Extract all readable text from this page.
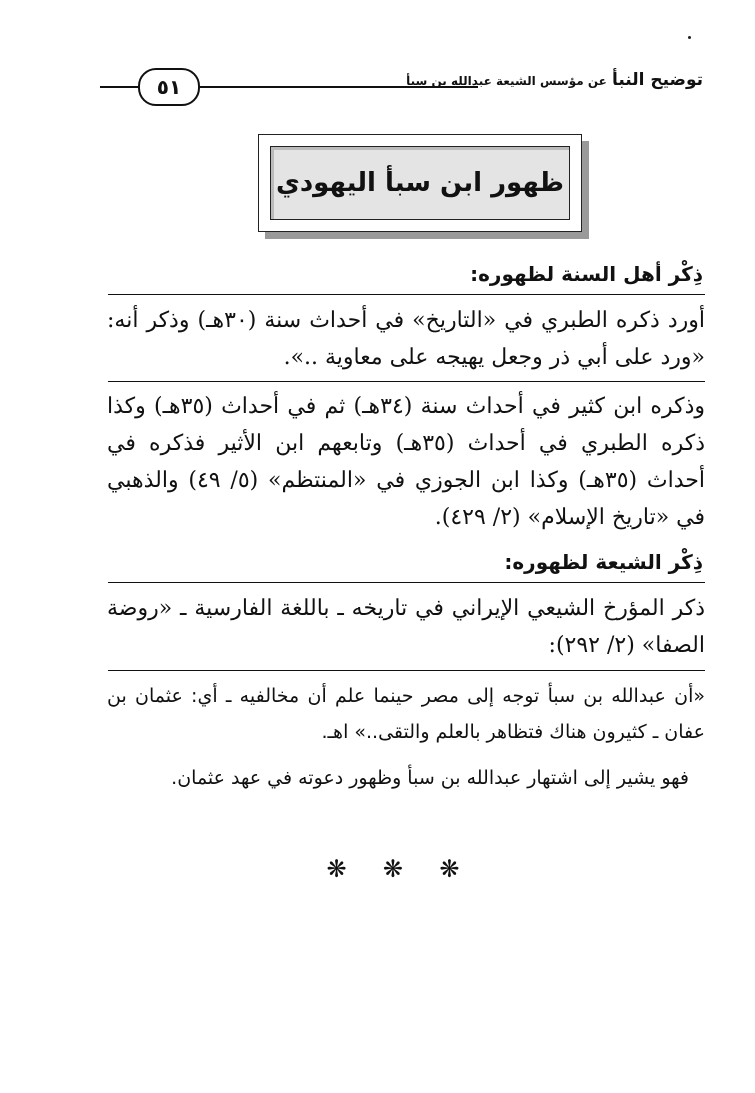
٥١	توضيح النبأ عن مؤسس الشيعة عبدالله بن سبأ
ظهور ابن سبأ اليهودي
ذِكْر أهل السنة لظهوره:
أورد ذكره الطبري في «التاريخ» في أحداث سنة (٣٠هـ) وذكر أنه: «ورد على أبي ذر وجعل يهيجه على معاوية ..».
وذكره ابن كثير في أحداث سنة (٣٤هـ) ثم في أحداث (٣٥هـ) وكذا ذكره الطبري في أحداث (٣٥هـ) وتابعهم ابن الأثير فذكره في أحداث (٣٥هـ) وكذا ابن الجوزي في «المنتظم» (٥/ ٤٩) والذهبي في «تاريخ الإسلام» (٢/ ٤٢٩).
ذِكْر الشيعة لظهوره:
ذكر المؤرخ الشيعي الإيراني في تاريخه ـ باللغة الفارسية ـ «روضة الصفا» (٢/ ٢٩٢):
«أن عبدالله بن سبأ توجه إلى مصر حينما علم أن مخالفيه ـ أي: عثمان بن عفان ـ كثيرون هناك فتظاهر بالعلم والتقى..» اهـ.
فهو يشير إلى اشتهار عبدالله بن سبأ وظهور دعوته في عهد عثمان.
❋ ❋ ❋
